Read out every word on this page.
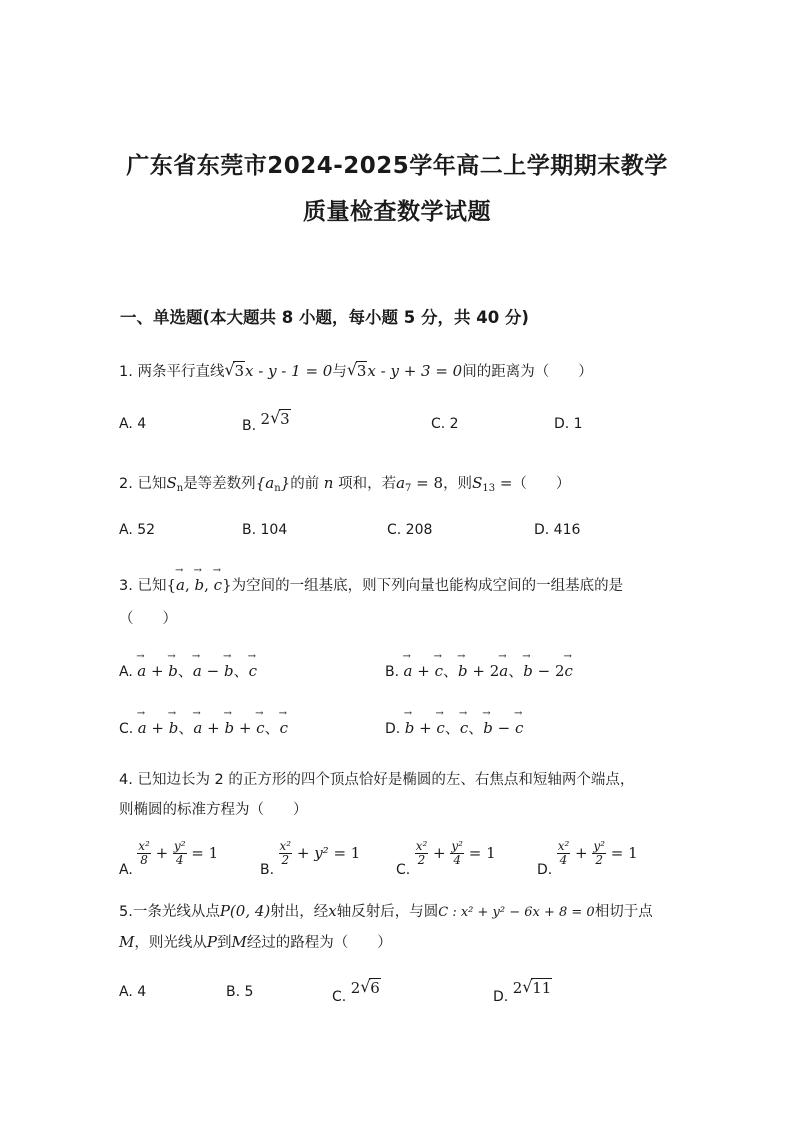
广东省东莞市2024-2025学年高二上学期期末教学
质量检查数学试题
一、单选题(本大题共 8 小题，每小题 5 分，共 40 分)
1. 两条平行直线 √ 3x - y - 1 = 0与 √ 3x - y + 3 = 0间的距离为（　　）
A. 4	B. 2 √ 3	C. 2	D. 1
2. 已知$S_n$是等差数列$\{a_n\}$的前 n 项和，若$a_7 = 8$，则$S_{13}$ =（　　）
A. 52	B. 104	C. 208	D. 416
3. 已知{→ a, → b, → c}为空间的一组基底，则下列向量也能构成空间的一组基底的是
（　　）
A. → a + → b、→ a − → b、→ c	B. → a + → c、→ b + 2→ a、→ b − 2→ c
C. → a + → b、→ a + → b + → c、→ c	D. → b + → c、→ c、→ b − → c
4. 已知边长为 2 的正方形的四个顶点恰好是椭圆的左、右焦点和短轴两个端点，
则椭圆的标准方程为（　　）
A.
$\frac{\text{x²}}{8} + \frac{\text{y²}}{4} = 1$
B.
$\frac{\text{x²}}{2} + y^2 = 1$
C.
$\frac{\text{x²}}{2} + \frac{\text{y²}}{4} = 1$
D.
$\frac{\text{x²}}{4} + \frac{\text{y²}}{2} = 1$
5.一条光线从点P(0, 4)射出，经x轴反射后，与圆C : x² + y² − 6x + 8 = 0相切于点
M，则光线从P到M经过的路程为（　　）
A. 4	B. 5	C. 2 √ 6	D. 2 √ 11
